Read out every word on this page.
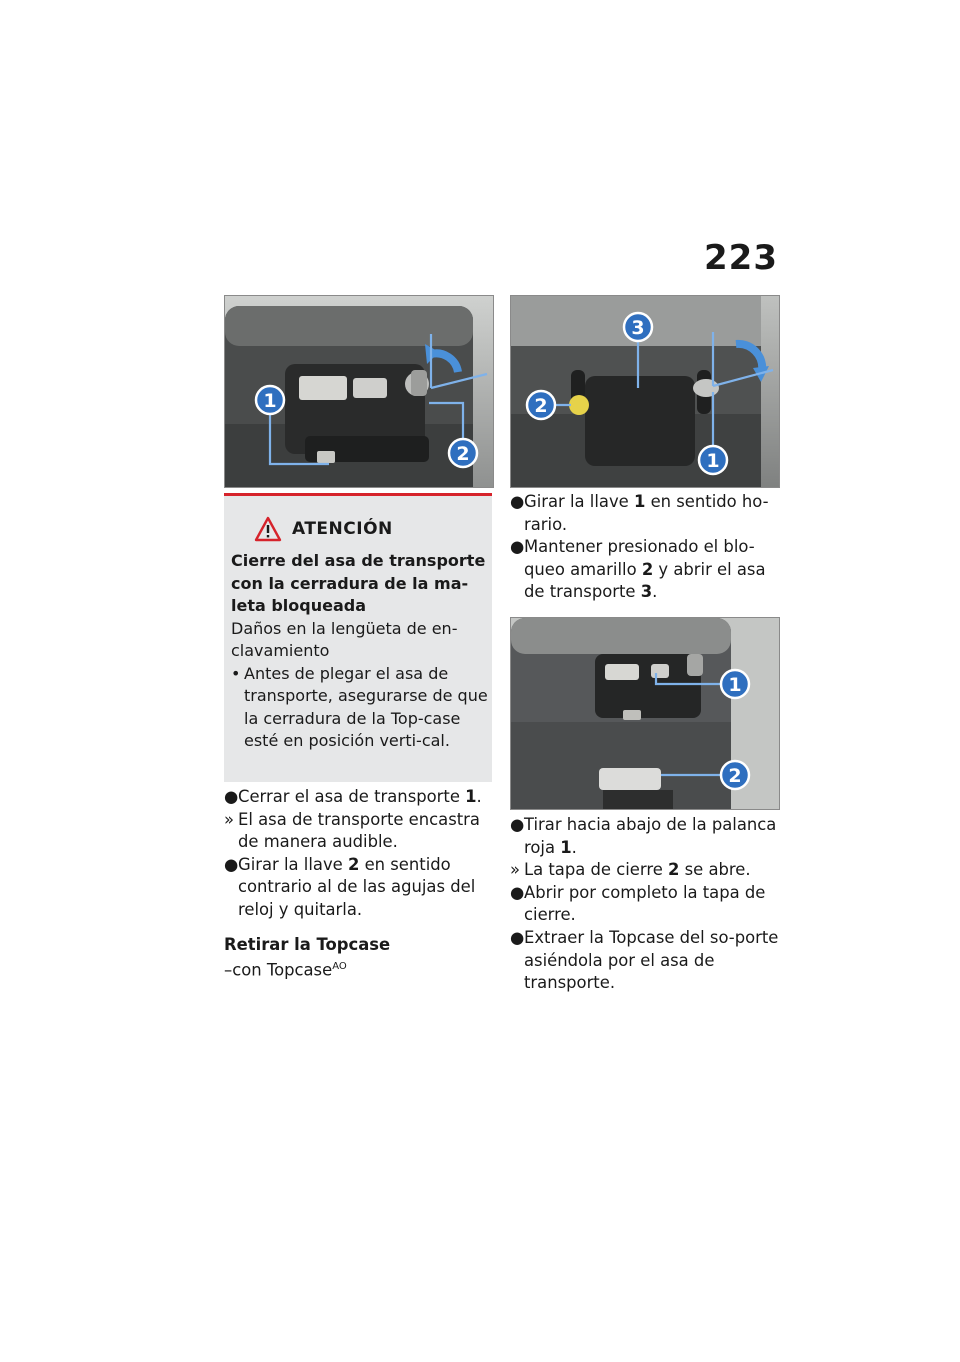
223
1
2
3
2
1
1
2
ATENCIÓN
Cierre del asa de transporte con la cerradura de la ma-leta bloqueada
Daños en la lengüeta de en-clavamiento
• Antes de plegar el asa de transporte, asegurarse de que la cerradura de la Top-case esté en posición verti-cal.
● Cerrar el asa de transporte 1.
» El asa de transporte encastra de manera audible.
● Girar la llave 2 en sentido contrario al de las agujas del reloj y quitarla.
Retirar la Topcase
–con Topcase$^{AO}$
● Girar la llave 1 en sentido ho-rario.
● Mantener presionado el blo-queo amarillo 2 y abrir el asa de transporte 3.
● Tirar hacia abajo de la palanca roja 1.
» La tapa de cierre 2 se abre.
● Abrir por completo la tapa de cierre.
● Extraer la Topcase del so-porte asiéndola por el asa de transporte.
